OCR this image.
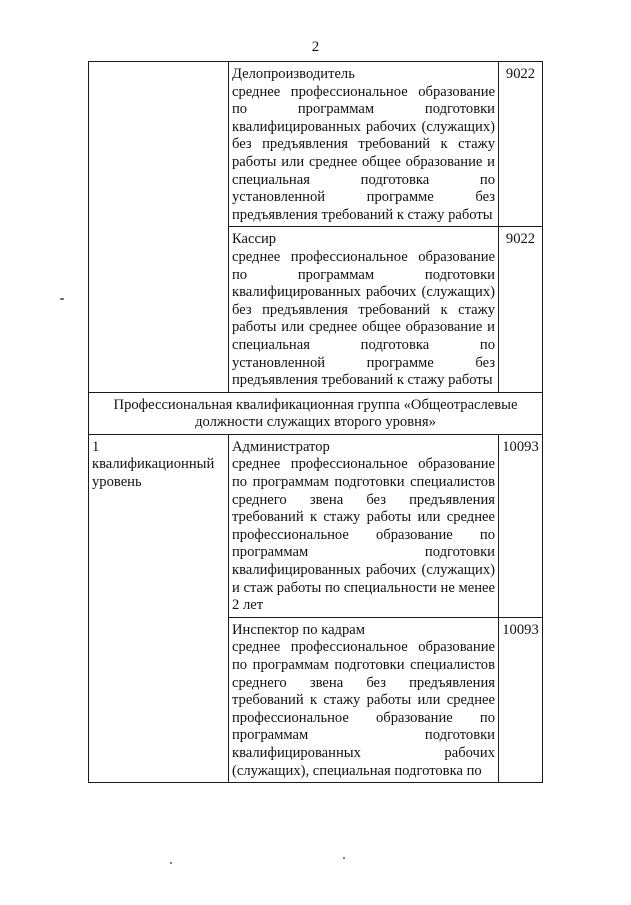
2

	Делопроизводитель
среднее профессиональное образование по программам подготовки квалифицированных рабочих (служащих) без предъявления требований к стажу работы или среднее общее образование и специальная подготовка по установленной программе без предъявления требований к стажу работы	9022

	Кассир
среднее профессиональное образование по программам подготовки квалифицированных рабочих (служащих) без предъявления требований к стажу работы или среднее общее образование и специальная подготовка по установленной программе без предъявления требований к стажу работы	9022
Профессиональная квалификационная группа «Общеотраслевые должности служащих второго уровня»		
1 квалификационный уровень	Администратор
среднее профессиональное образование по программам подготовки специалистов среднего звена без предъявления требований к стажу работы или среднее профессиональное образование по программам подготовки квалифицированных рабочих (служащих) и стаж работы по специальности не менее 2 лет	10093

	Инспектор по кадрам
среднее профессиональное образование по программам подготовки специалистов среднего звена без предъявления требований к стажу работы или среднее профессиональное образование по программам подготовки квалифицированных рабочих (служащих), специальная подготовка по	10093
